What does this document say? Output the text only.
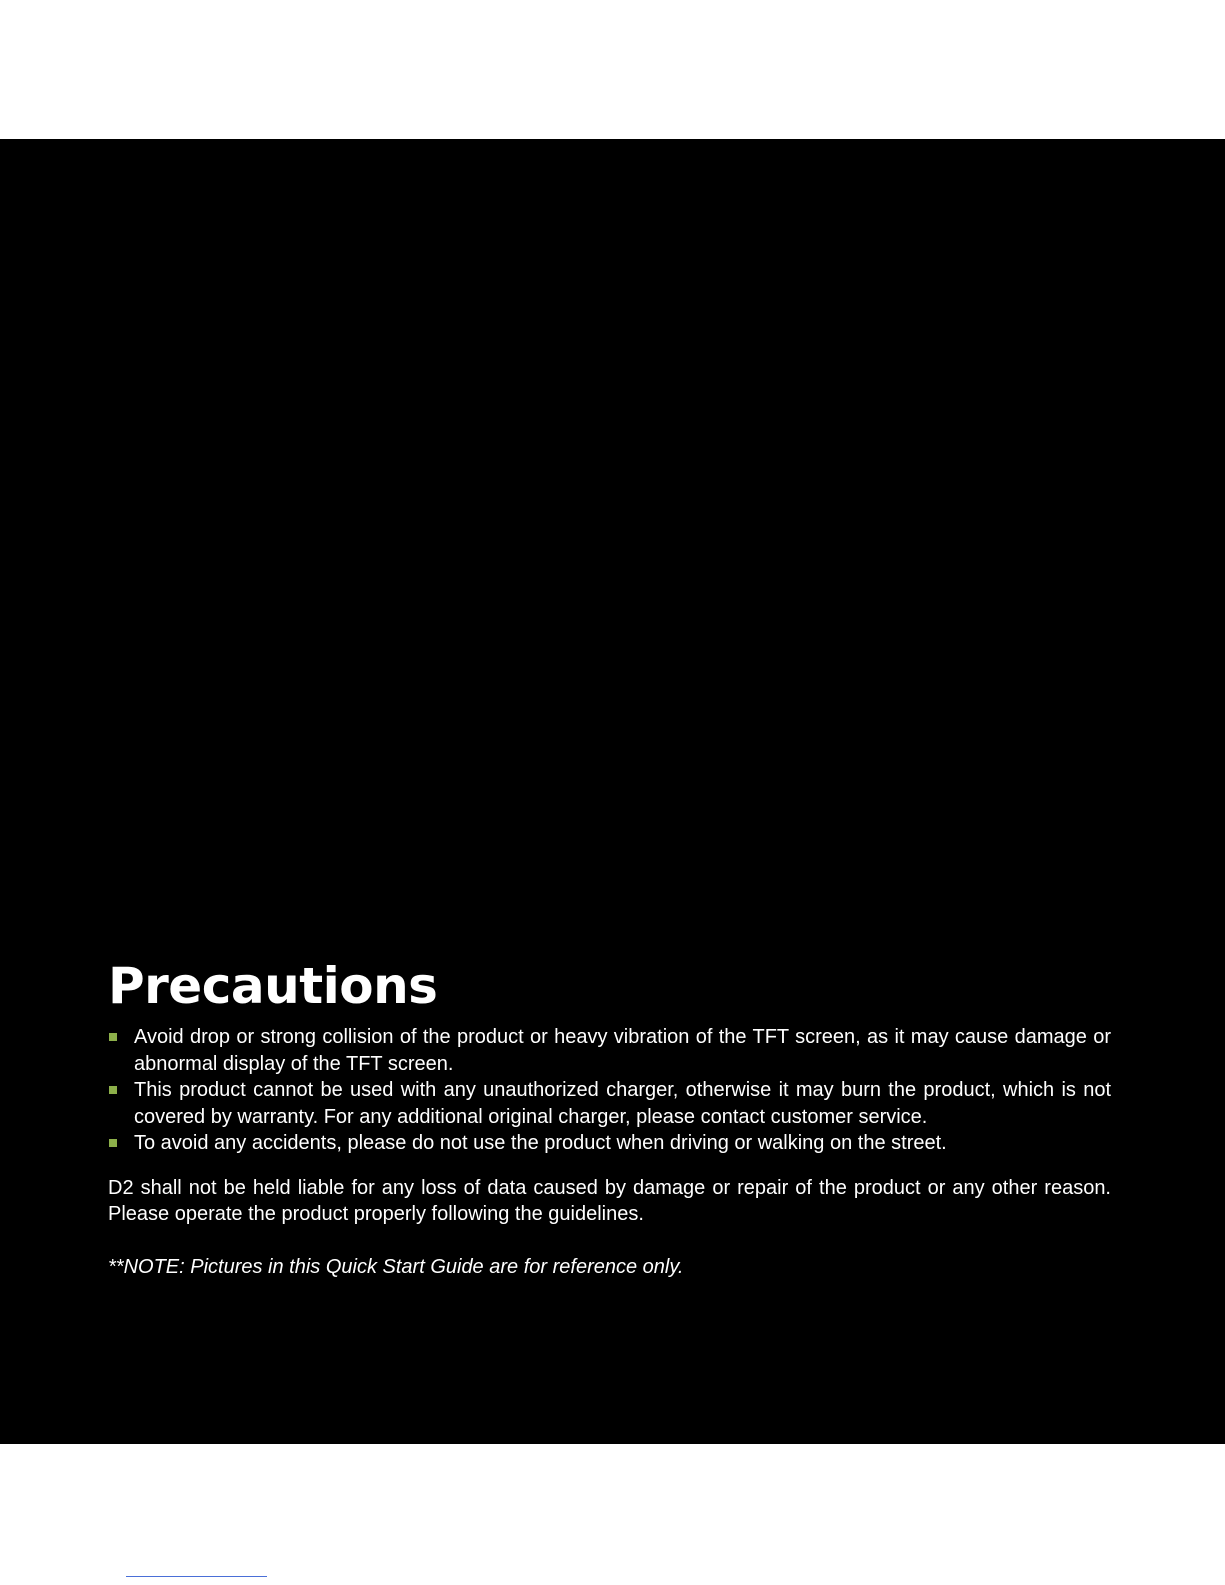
Precautions
Avoid drop or strong collision of the product or heavy vibration of the TFT screen, as it may cause damage or abnormal display of the TFT screen.
This product cannot be used with any unauthorized charger, otherwise it may burn the product, which is not covered by warranty. For any additional original charger, please contact customer service.
To avoid any accidents, please do not use the product when driving or walking on the street.

D2 shall not be held liable for any loss of data caused by damage or repair of the product or any other reason. Please operate the product properly following the guidelines.

**NOTE: Pictures in this Quick Start Guide are for reference only.
